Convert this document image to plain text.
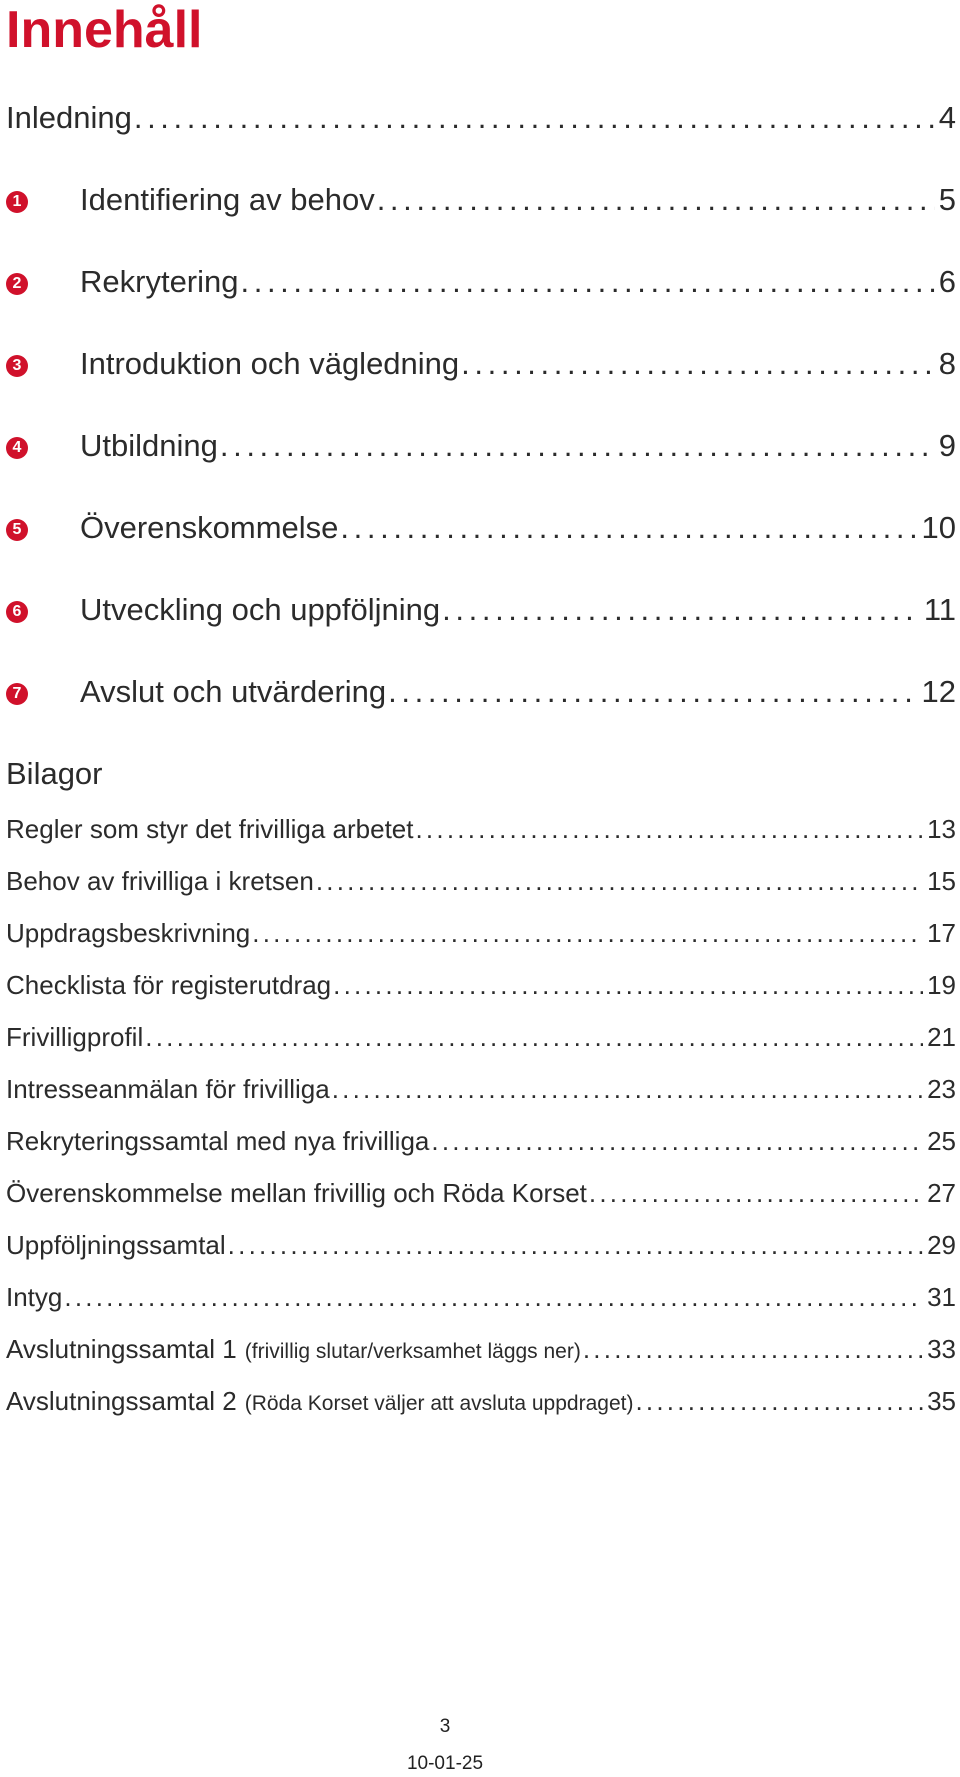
Innehåll
Inledning . . .	4
1 Identifiering av behov . . .	5
2 Rekrytering . . .	6
3 Introduktion och vägledning . . .	8
4 Utbildning . . .	9
5 Överenskommelse . . .	10
6 Utveckling och uppföljning . . .	11
7 Avslut och utvärdering . . .	. 12
Bilagor
Regler som styr det frivilliga arbetet . . .	13
Behov av frivilliga i kretsen . . .	15
Uppdragsbeskrivning . . .	17
Checklista för registerutdrag . . .	19
Frivilligprofil . . .	21
Intresseanmälan för frivilliga . . .	23
Rekryteringssamtal med nya frivilliga . . .	25
Överenskommelse mellan frivillig och Röda Korset . . .	27
Uppföljningssamtal . . .	29
Intyg . . .	31
Avslutningssamtal 1 (frivillig slutar/verksamhet läggs ner) . . .	33
Avslutningssamtal 2 (Röda Korset väljer att avsluta uppdraget) . . .	35
3
10-01-25
